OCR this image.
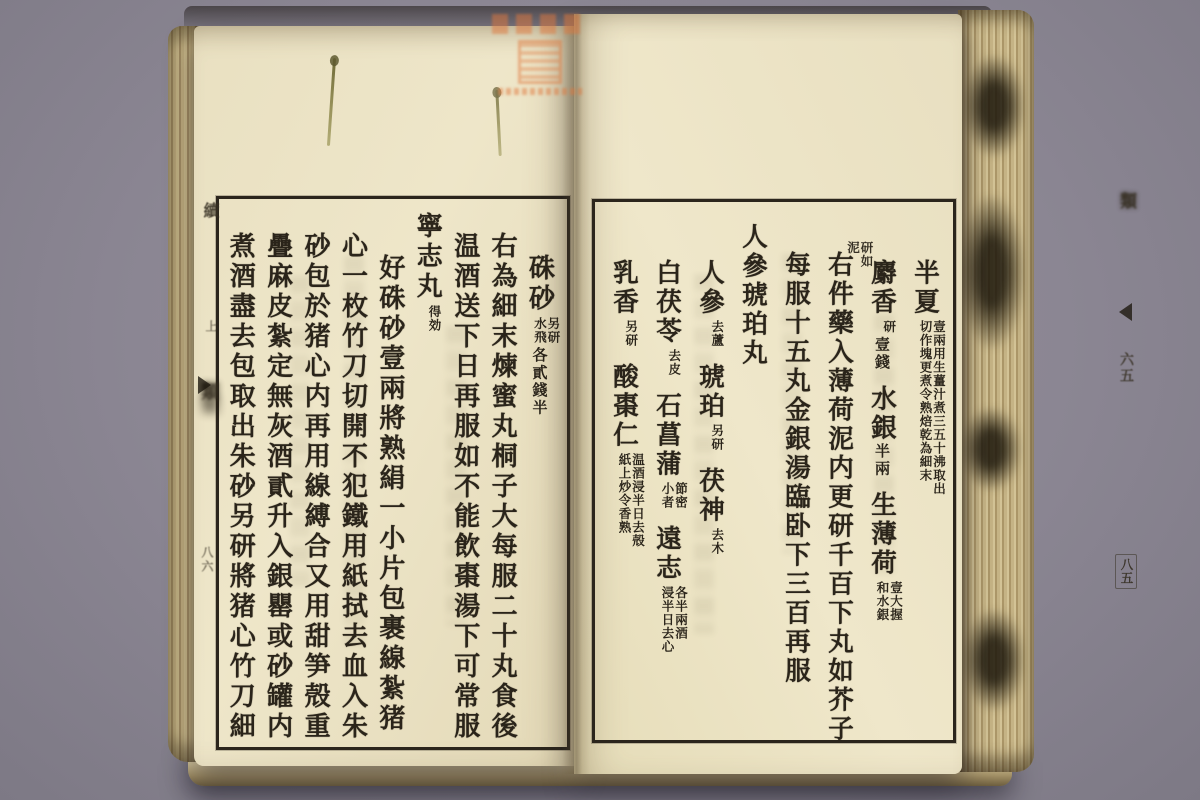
硃砂
另研
水飛
各貳錢半
右為細末煉蜜丸桐子大每服二十丸食後
温酒送下日再服如不能飲棗湯下可常服
寧志丸
得効
好硃砂壹兩將熟絹一小片包裹線紮猪
心一枚竹刀切開不犯鐵用紙拭去血入朱
砂包於猪心内再用線縛合又用甜笋殻重
疊麻皮紮定無灰酒貳升入銀罌或砂罐内
煮酒盡去包取出朱砂另研將猪心竹刀細
續
上
類
八六
半夏
壹兩用生薑汁煮三五十沸取出
切作塊更煮令熟焙乾為細末
麝香
研
壹錢水銀半兩生薄荷
壹大握
和水銀
研如
泥
右件藥入薄荷泥内更研千百下丸如芥子
每服十五丸金銀湯臨卧下三百再服
人參琥珀丸
人參
去蘆
琥珀
另研
茯神
去木
白茯苓
去皮
石菖蒲
節密
小者
遠志
各半兩酒
浸半日去心
乳香
另研
酸棗仁
温酒浸半日去殻
紙上炒令香熟
類
六五
八五
